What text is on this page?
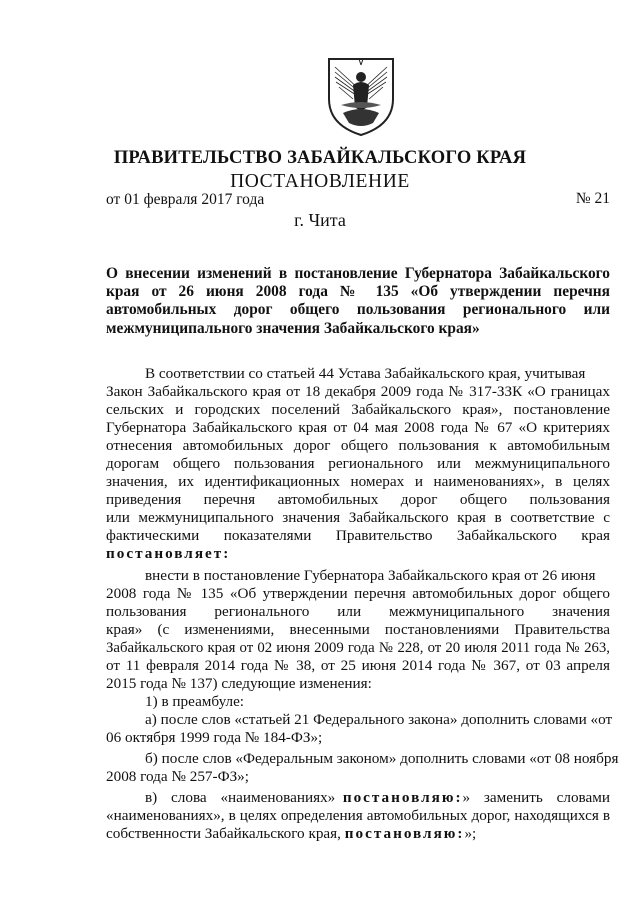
ПРАВИТЕЛЬСТВО ЗАБАЙКАЛЬСКОГО КРАЯ
ПОСТАНОВЛЕНИЕ
от 01 февраля 2017 года	№ 21
г. Чита
О внесении изменений в постановление Губернатора Забайкальского края от 26 июня 2008 года № 135 «Об утверждении перечня автомобильных дорог общего пользования регионального или межмуниципального значения Забайкальского края»
В соответствии со статьей 44 Устава Забайкальского края, учитывая
Закон Забайкальского края от 18 декабря 2009 года № 317-ЗЗК «О границах
сельских и городских поселений Забайкальского края», постановление
Губернатора Забайкальского края от 04 мая 2008 года № 67 «О критериях
отнесения автомобильных дорог общего пользования к автомобильным
дорогам общего пользования регионального или межмуниципального
значения, их идентификационных номерах и наименованиях», в целях
приведения перечня автомобильных дорог общего пользования
или межмуниципального значения Забайкальского края в соответствие с
фактическими показателями Правительство Забайкальского края
постановляет:
внести в постановление Губернатора Забайкальского края от 26 июня
2008 года № 135 «Об утверждении перечня автомобильных дорог общего
пользования регионального или межмуниципального значения
края» (с изменениями, внесенными постановлениями Правительства
Забайкальского края от 02 июня 2009 года № 228, от 20 июля 2011 года № 263,
от 11 февраля 2014 года № 38, от 25 июня 2014 года № 367, от 03 апреля
2015 года № 137) следующие изменения:
1) в преамбуле:
а) после слов «статьей 21 Федерального закона» дополнить словами «от
06 октября 1999 года № 184-ФЗ»;
б) после слов «Федеральным законом» дополнить словами «от 08 ноября
2008 года № 257-ФЗ»;
в) слова «наименованиях» постановляю:» заменить словами
«наименованиях», в целях определения автомобильных дорог, находящихся в
собственности Забайкальского края, постановляю:»;
